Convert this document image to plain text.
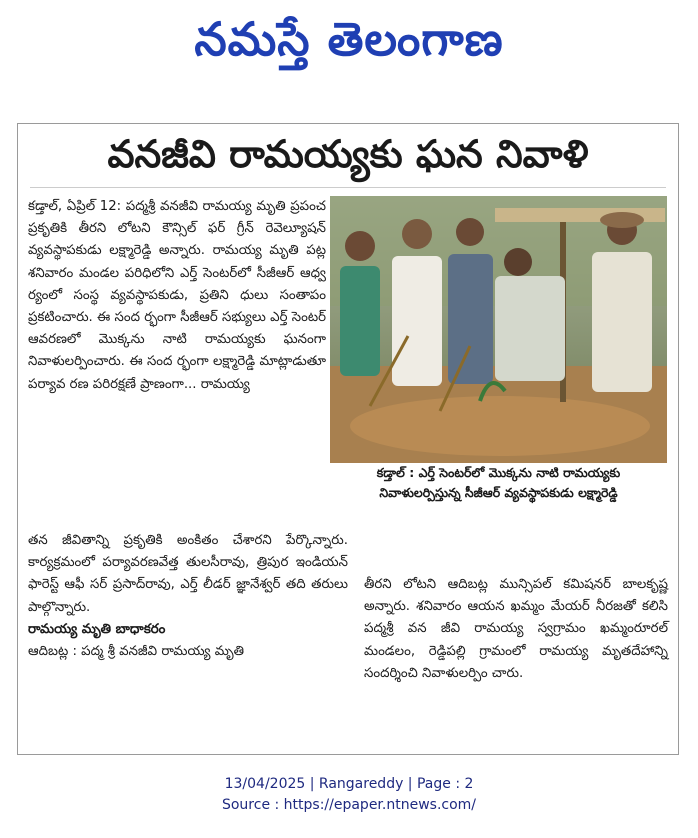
నమస్తే తెలంగాణ
వనజీవి రామయ్యకు ఘన నివాళి

కడ్తాల్, ఏప్రిల్ 12: పద్మశ్రీ వనజీవి రామయ్య మృతి ప్రపంచ ప్రకృతికి తీరని లోటని కౌన్సిల్ ఫర్ గ్రీన్ రెవెల్యూషన్ వ్యవస్థాపకుడు లక్ష్మారెడ్డి అన్నారు. రామయ్య మృతి పట్ల శనివారం మండల పరిధిలోని ఎర్త్ సెంటర్‌లో సీజీఆర్ ఆధ్వ ర్యంలో సంస్థ వ్యవస్థాపకుడు, ప్రతిని ధులు సంతాపం ప్రకటించారు. ఈ సంద ర్భంగా సీజీఆర్ సభ్యులు ఎర్త్ సెంటర్ ఆవరణలో మొక్కను నాటి రామయ్యకు ఘనంగా నివాళులర్పించారు. ఈ సంద ర్భంగా లక్ష్మారెడ్డి మాట్లాడుతూ పర్యావ రణ పరిరక్షణే ప్రాణంగా... రామయ్య

కడ్తాల్ : ఎర్త్ సెంటర్‌లో మొక్కను నాటి రామయ్యకు
నివాళులర్పిస్తున్న సీజీఆర్ వ్యవస్థాపకుడు లక్ష్మారెడ్డి

తన జీవితాన్ని ప్రకృతికి అంకితం చేశారని పేర్కొన్నారు. కార్యక్రమంలో పర్యావరణవేత్త తులసీరావు, త్రిపుర ఇండియన్ ఫారెస్ట్ ఆఫీ సర్ ప్రసాద్‌రావు, ఎర్త్ లీడర్ జ్ఞానేశ్వర్ తది తరులు పాల్గొన్నారు.

రామయ్య మృతి బాధాకరం

ఆదిబట్ల : పద్మ శ్రీ వనజీవి రామయ్య మృతి

తీరని లోటని ఆదిబట్ల మున్సిపల్ కమిషనర్ బాలకృష్ణ అన్నారు. శనివారం ఆయన ఖమ్మం మేయర్ నీరజతో కలిసి పద్మశ్రీ వన జీవి రామయ్య స్వగ్రామం ఖమ్మంరూరల్ మండలం, రెడ్డిపల్లి గ్రామంలో రామయ్య మృతదేహాన్ని సందర్శించి నివాళులర్పిం చారు.

13/04/2025 | Rangareddy | Page : 2
Source : https://epaper.ntnews.com/
